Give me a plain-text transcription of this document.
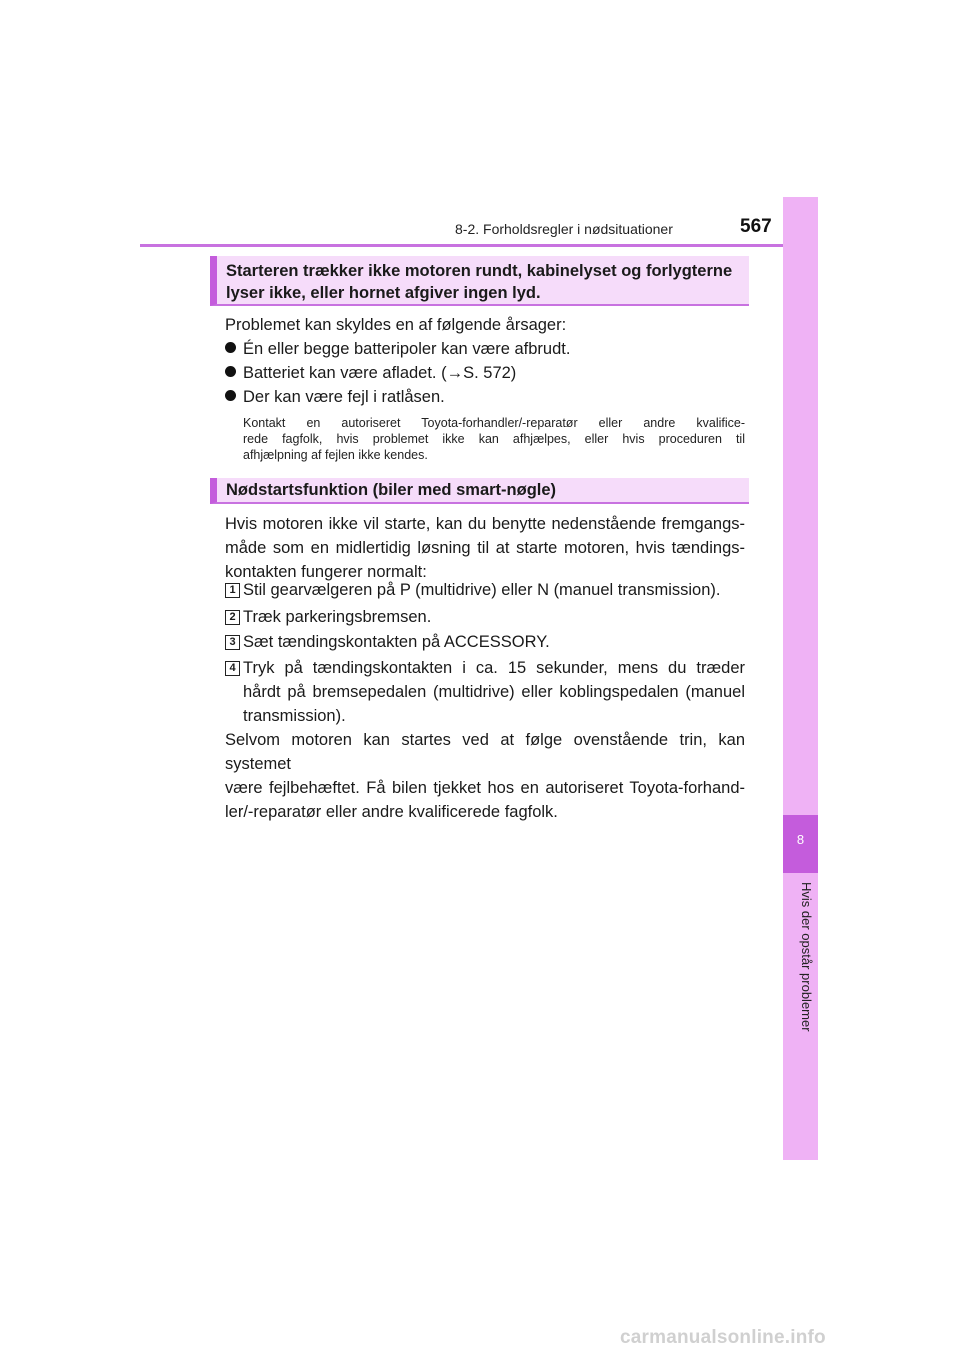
8-2. Forholdsregler i nødsituationer	567
8
Hvis der opstår problemer
Starteren trækker ikke motoren rundt, kabinelyset og forlygterne
lyser ikke, eller hornet afgiver ingen lyd.
Problemet kan skyldes en af følgende årsager:
Én eller begge batteripoler kan være afbrudt.
Batteriet kan være afladet. (→S. 572)
Der kan være fejl i ratlåsen.
Kontakt en autoriseret Toyota-forhandler/-reparatør eller andre kvalifice-
rede fagfolk, hvis problemet ikke kan afhjælpes, eller hvis proceduren til
afhjælpning af fejlen ikke kendes.
Nødstartsfunktion (biler med smart-nøgle)
Hvis motoren ikke vil starte, kan du benytte nedenstående fremgangs-
måde som en midlertidig løsning til at starte motoren, hvis tændings-
kontakten fungerer normalt:
1 Stil gearvælgeren på P (multidrive) eller N (manuel transmission).
2 Træk parkeringsbremsen.
3 Sæt tændingskontakten på ACCESSORY.
4 Tryk på tændingskontakten i ca. 15 sekunder, mens du træder
hårdt på bremsepedalen (multidrive) eller koblingspedalen (manuel
transmission).
Selvom motoren kan startes ved at følge ovenstående trin, kan systemet
være fejlbehæftet. Få bilen tjekket hos en autoriseret Toyota-forhand-
ler/-reparatør eller andre kvalificerede fagfolk.
carmanualsonline.info
